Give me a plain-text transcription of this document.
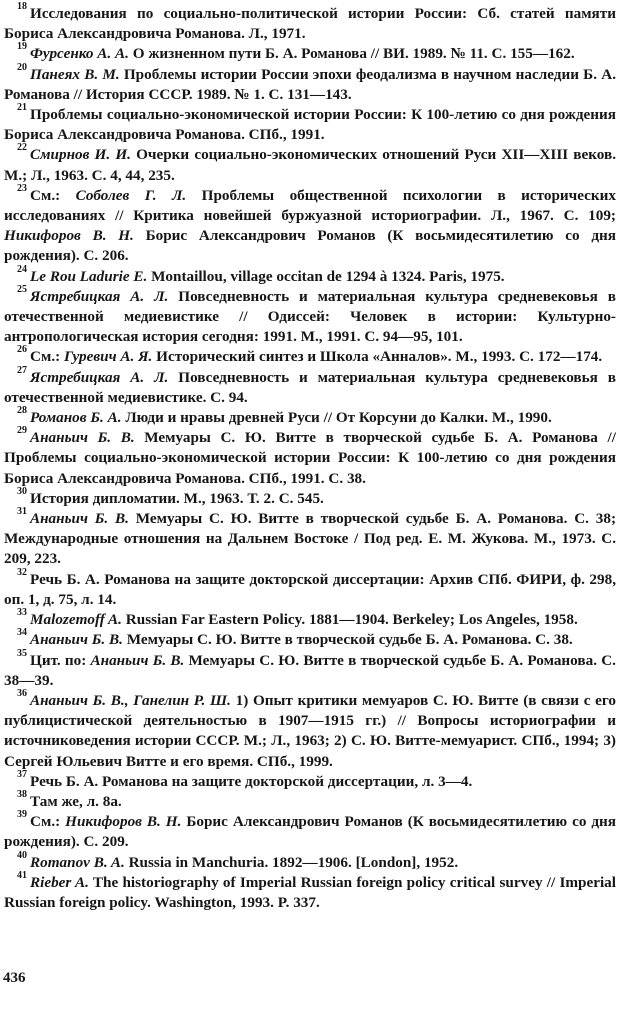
$^{18}$ Исследования по социально-политической истории России: Сб. статей памяти Бориса Александровича Романова. Л., 1971.

$^{19}$ Фурсенко А. А. О жизненном пути Б. А. Романова // ВИ. 1989. № 11. С. 155—162.

$^{20}$ Панеях В. М. Проблемы истории России эпохи феодализма в научном наследии Б. А. Романова // История СССР. 1989. № 1. С. 131—143.

$^{21}$ Проблемы социально-экономической истории России: К 100-летию со дня рождения Бориса Александровича Романова. СПб., 1991.

$^{22}$ Смирнов И. И. Очерки социально-экономических отношений Руси XII—XIII веков. М.; Л., 1963. С. 4, 44, 235.

$^{23}$ См.: Соболев Г. Л. Проблемы общественной психологии в исторических исследованиях // Критика новейшей буржуазной историографии. Л., 1967. С. 109; Никифоров В. Н. Борис Александрович Романов (К восьмидесятилетию со дня рождения). С. 206.

$^{24}$ Le Rou Ladurie E. Montaillou, village occitan de 1294 à 1324. Paris, 1975.

$^{25}$ Ястребицкая А. Л. Повседневность и материальная культура средневековья в отечественной медиевистике // Одиссей: Человек в истории: Культурно-антропологическая история сегодня: 1991. М., 1991. С. 94—95, 101.

$^{26}$ См.: Гуревич А. Я. Исторический синтез и Школа «Анналов». М., 1993. С. 172—174.

$^{27}$ Ястребицкая А. Л. Повседневность и материальная культура средневековья в отечественной медиевистике. С. 94.

$^{28}$ Романов Б. А. Люди и нравы древней Руси // От Корсуни до Калки. М., 1990.

$^{29}$ Ананьич Б. В. Мемуары С. Ю. Витте в творческой судьбе Б. А. Романова // Проблемы социально-экономической истории России: К 100-летию со дня рождения Бориса Александровича Романова. СПб., 1991. С. 38.

$^{30}$ История дипломатии. М., 1963. Т. 2. С. 545.

$^{31}$ Ананьич Б. В. Мемуары С. Ю. Витте в творческой судьбе Б. А. Романова. С. 38; Международные отношения на Дальнем Востоке / Под ред. Е. М. Жукова. М., 1973. С. 209, 223.

$^{32}$ Речь Б. А. Романова на защите докторской диссертации: Архив СПб. ФИРИ, ф. 298, оп. 1, д. 75, л. 14.

$^{33}$ Malozemoff A. Russian Far Eastern Policy. 1881—1904. Berkeley; Los Angeles, 1958.

$^{34}$ Ананьич Б. В. Мемуары С. Ю. Витте в творческой судьбе Б. А. Романова. С. 38.

$^{35}$ Цит. по: Ананьич Б. В. Мемуары С. Ю. Витте в творческой судьбе Б. А. Романова. С. 38—39.

$^{36}$ Ананьич Б. В., Ганелин Р. Ш. 1) Опыт критики мемуаров С. Ю. Витте (в связи с его публицистической деятельностью в 1907—1915 гг.) // Вопросы историографии и источниковедения истории СССР. М.; Л., 1963; 2) С. Ю. Витте-мемуарист. СПб., 1994; 3) Сергей Юльевич Витте и его время. СПб., 1999.

$^{37}$ Речь Б. А. Романова на защите докторской диссертации, л. 3—4.

$^{38}$ Там же, л. 8а.

$^{39}$ См.: Никифоров В. Н. Борис Александрович Романов (К восьмидесятилетию со дня рождения). С. 209.

$^{40}$ Romanov B. A. Russia in Manchuria. 1892—1906. [London], 1952.

$^{41}$ Rieber A. The historiography of Imperial Russian foreign policy critical survey // Imperial Russian foreign policy. Washington, 1993. P. 337.

436
